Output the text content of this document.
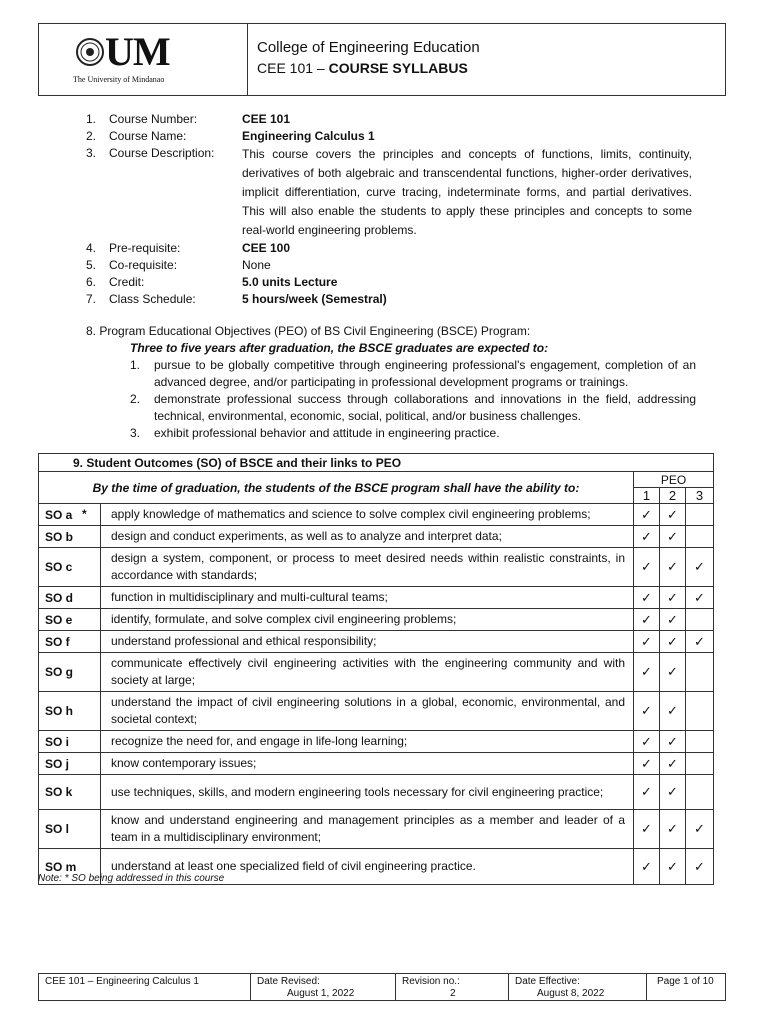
UM
The University of Mindanao
College of Engineering Education
CEE 101 – COURSE SYLLABUS
1.	Course Number:	CEE 101
2.	Course Name:	Engineering Calculus 1
3.	Course Description: This course covers the principles and concepts of functions, limits, continuity, derivatives of both algebraic and transcendental functions, higher-order derivatives, implicit differentiation, curve tracing, indeterminate forms, and partial derivatives. This will also enable the students to apply these principles and concepts to some real-world engineering problems.
4.	Pre-requisite:	CEE 100
5.	Co-requisite:	None
6.	Credit:	5.0 units Lecture
7.	Class Schedule:	5 hours/week (Semestral)
8. Program Educational Objectives (PEO) of BS Civil Engineering (BSCE) Program:
Three to five years after graduation, the BSCE graduates are expected to:
1. pursue to be globally competitive through engineering professional's engagement, completion of an advanced degree, and/or participating in professional development programs or trainings.
2. demonstrate professional success through collaborations and innovations in the field, addressing technical, environmental, economic, social, political, and/or business challenges.
3. exhibit professional behavior and attitude in engineering practice.
9. Student Outcomes (SO) of BSCE and their links to PEO				
By the time of graduation, the students of the BSCE program shall have the ability to:		PEO		
		1	2	3
SO a	* apply knowledge of mathematics and science to solve complex civil engineering problems;	✓	✓	
SO b	design and conduct experiments, as well as to analyze and interpret data;	✓	✓	
SO c	design a system, component, or process to meet desired needs within realistic constraints, in accordance with standards;	✓	✓	✓
SO d	function in multidisciplinary and multi-cultural teams;	✓	✓	✓
SO e	identify, formulate, and solve complex civil engineering problems;	✓	✓	
SO f	understand professional and ethical responsibility;	✓	✓	✓
SO g	communicate effectively civil engineering activities with the engineering community and with society at large;	✓	✓	
SO h	understand the impact of civil engineering solutions in a global, economic, environmental, and societal context;	✓	✓	
SO i	recognize the need for, and engage in life-long learning;	✓	✓	
SO j	know contemporary issues;	✓	✓	
SO k	use techniques, skills, and modern engineering tools necessary for civil engineering practice;	✓	✓	
SO l	know and understand engineering and management principles as a member and leader of a team in a multidisciplinary environment;	✓	✓	✓
SO m	understand at least one specialized field of civil engineering practice.	✓	✓	✓
Note: * SO being addressed in this course
CEE 101 – Engineering Calculus 1	Date Revised:
August 1, 2022
Revision no.:
2
Date Effective:
August 8, 2022
Page 1 of 10
